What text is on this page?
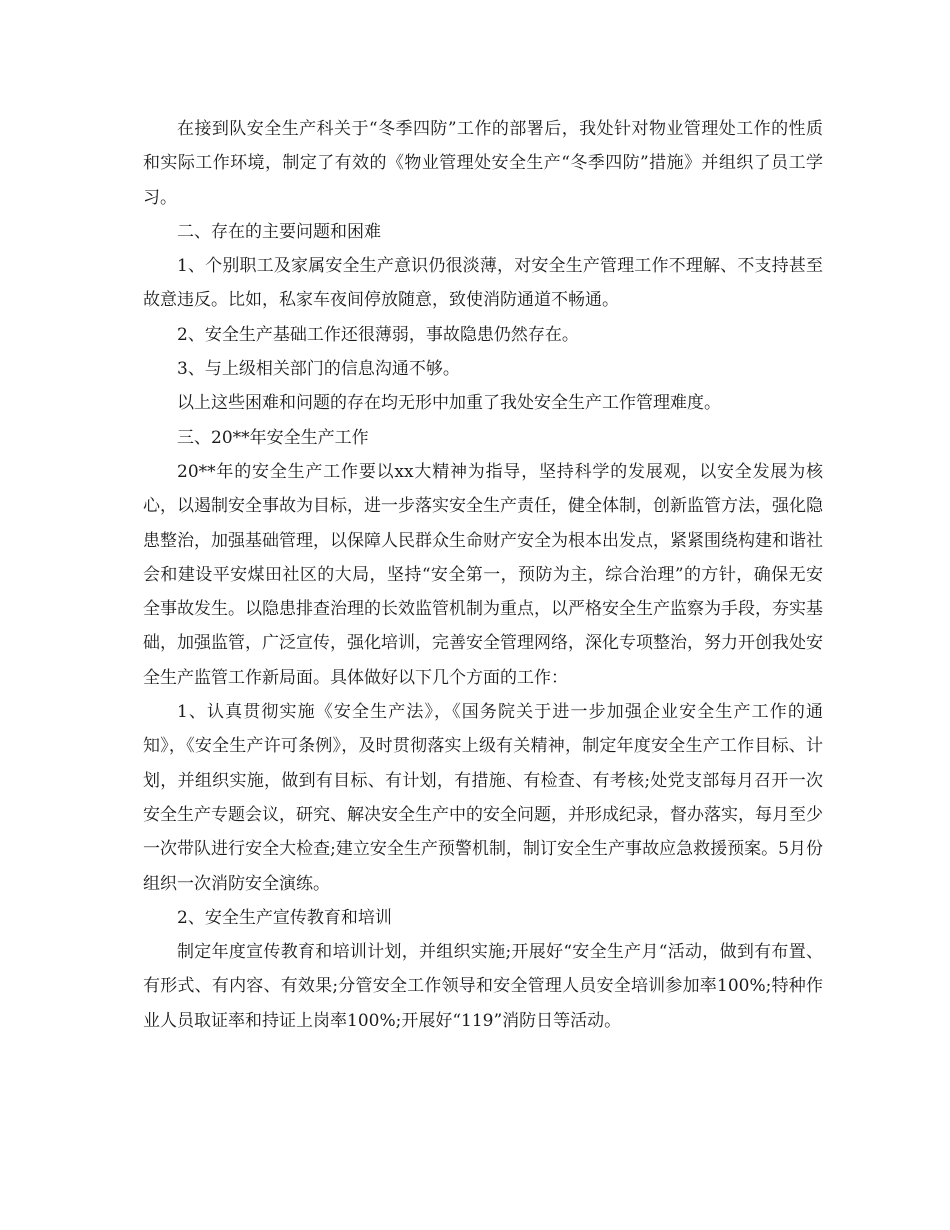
在接到队安全生产科关于“冬季四防”工作的部署后，我处针对物业管理处工作的性质和实际工作环境，制定了有效的《物业管理处安全生产“冬季四防”措施》并组织了员工学习。

二、存在的主要问题和困难

1、个别职工及家属安全生产意识仍很淡薄，对安全生产管理工作不理解、不支持甚至故意违反。比如，私家车夜间停放随意，致使消防通道不畅通。

2、安全生产基础工作还很薄弱，事故隐患仍然存在。

3、与上级相关部门的信息沟通不够。

以上这些困难和问题的存在均无形中加重了我处安全生产工作管理难度。

三、20**年安全生产工作

20**年的安全生产工作要以xx大精神为指导，坚持科学的发展观，以安全发展为核心，以遏制安全事故为目标，进一步落实安全生产责任，健全体制，创新监管方法，强化隐患整治，加强基础管理，以保障人民群众生命财产安全为根本出发点，紧紧围绕构建和谐社会和建设平安煤田社区的大局，坚持“安全第一，预防为主，综合治理”的方针，确保无安全事故发生。以隐患排查治理的长效监管机制为重点，以严格安全生产监察为手段，夯实基础，加强监管，广泛宣传，强化培训，完善安全管理网络，深化专项整治，努力开创我处安全生产监管工作新局面。具体做好以下几个方面的工作：

1、认真贯彻实施《安全生产法》，《国务院关于进一步加强企业安全生产工作的通知》，《安全生产许可条例》，及时贯彻落实上级有关精神，制定年度安全生产工作目标、计划，并组织实施，做到有目标、有计划，有措施、有检查、有考核;处党支部每月召开一次安全生产专题会议，研究、解决安全生产中的安全问题，并形成纪录，督办落实，每月至少一次带队进行安全大检查;建立安全生产预警机制，制订安全生产事故应急救援预案。5月份组织一次消防安全演练。

2、安全生产宣传教育和培训

制定年度宣传教育和培训计划，并组织实施;开展好“安全生产月“活动，做到有布置、有形式、有内容、有效果;分管安全工作领导和安全管理人员安全培训参加率100%;特种作业人员取证率和持证上岗率100%;开展好“119”消防日等活动。
